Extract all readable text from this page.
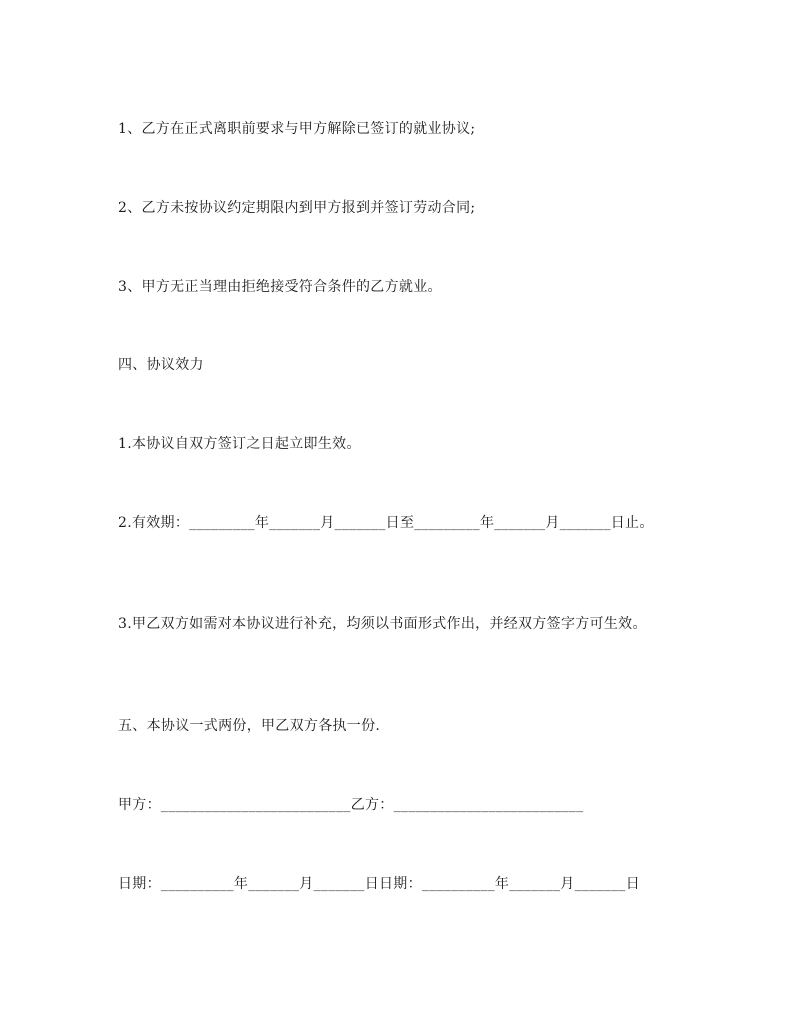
1、乙方在正式离职前要求与甲方解除已签订的就业协议;
2、乙方未按协议约定期限内到甲方报到并签订劳动合同;
3、甲方无正当理由拒绝接受符合条件的乙方就业。
四、协议效力
1.本协议自双方签订之日起立即生效。
2.有效期：_________年_______月_______日至_________年_______月_______日止。
3.甲乙双方如需对本协议进行补充，均须以书面形式作出，并经双方签字方可生效。
五、本协议一式两份，甲乙双方各执一份.
甲方：__________________________乙方：__________________________
日期：__________年_______月_______日日期：__________年_______月_______日
